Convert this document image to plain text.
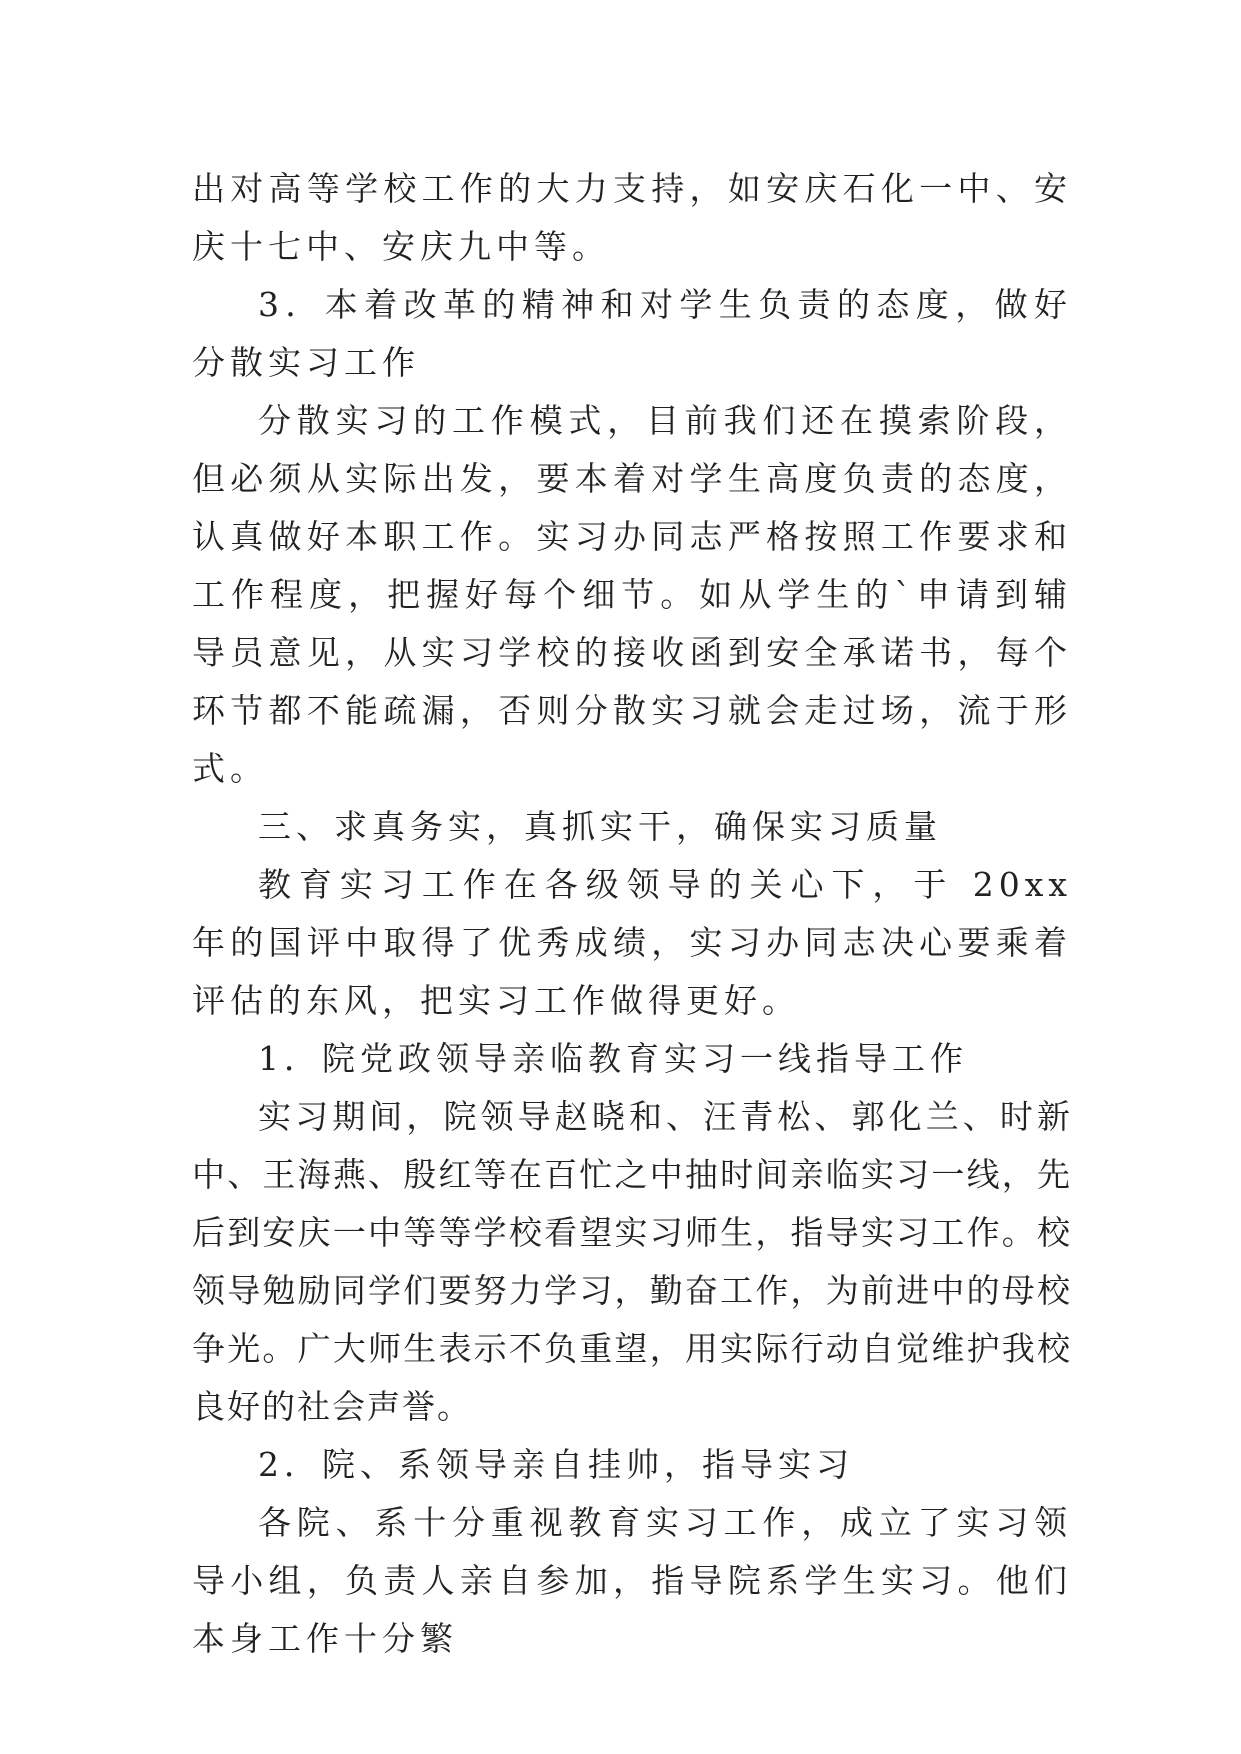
出对高等学校工作的大力支持，如安庆石化一中、安庆十七中、安庆九中等。

3．本着改革的精神和对学生负责的态度，做好分散实习工作

分散实习的工作模式，目前我们还在摸索阶段，但必须从实际出发，要本着对学生高度负责的态度，认真做好本职工作。实习办同志严格按照工作要求和工作程度，把握好每个细节。如从学生的`申请到辅导员意见，从实习学校的接收函到安全承诺书，每个环节都不能疏漏，否则分散实习就会走过场，流于形式。

三、求真务实，真抓实干，确保实习质量

教育实习工作在各级领导的关心下，于 20xx 年的国评中取得了优秀成绩，实习办同志决心要乘着评估的东风，把实习工作做得更好。

1．院党政领导亲临教育实习一线指导工作

实习期间，院领导赵晓和、汪青松、郭化兰、时新中、王海燕、殷红等在百忙之中抽时间亲临实习一线，先后到安庆一中等等学校看望实习师生，指导实习工作。校领导勉励同学们要努力学习，勤奋工作，为前进中的母校争光。广大师生表示不负重望，用实际行动自觉维护我校良好的社会声誉。

2．院、系领导亲自挂帅，指导实习

各院、系十分重视教育实习工作，成立了实习领导小组，负责人亲自参加，指导院系学生实习。他们本身工作十分繁
